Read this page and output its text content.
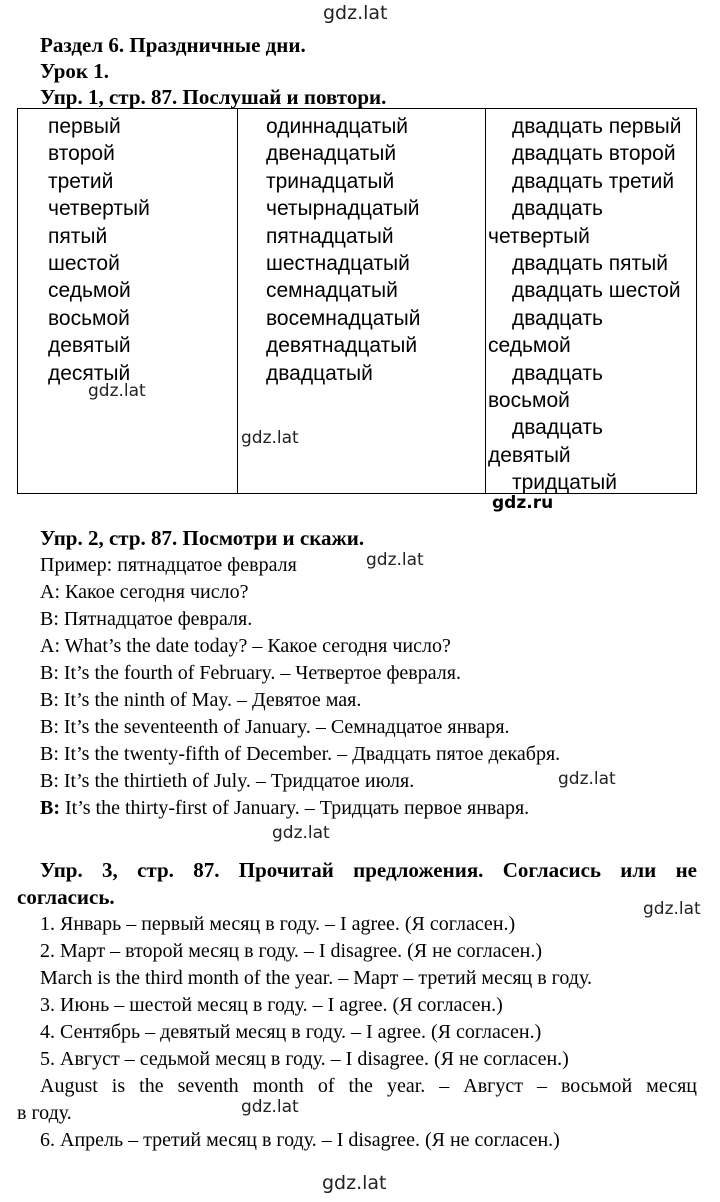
gdz.lat
Раздел 6. Праздничные дни.
Урок 1.
Упр. 1, стр. 87. Послушай и повтори.
первый
второй
третий
четвертый
пятый
шестой
седьмой
восьмой
девятый
десятый
одиннадцатый
двенадцатый
тринадцатый
четырнадцатый
пятнадцатый
шестнадцатый
семнадцатый
восемнадцатый
девятнадцатый
двадцатый
двадцать первый
двадцать второй
двадцать третий
двадцать
четвертый
двадцать пятый
двадцать шестой
двадцать
седьмой
двадцать
восьмой
двадцать
девятый
тридцатый
gdz.lat
gdz.lat
gdz.ru
Упр. 2, стр. 87. Посмотри и скажи.
gdz.lat
Пример: пятнадцатое февраля
A: Какое сегодня число?
B: Пятнадцатое февраля.
A: What’s the date today? – Какое сегодня число?
B: It’s the fourth of February. – Четвертое февраля.
B: It’s the ninth of May. – Девятое мая.
B: It’s the seventeenth of January. – Семнадцатое января.
B: It’s the twenty-fifth of December. – Двадцать пятое декабря.
B: It’s the thirtieth of July. – Тридцатое июля.
B: It’s the thirty-first of January. – Тридцать первое января.
gdz.lat
gdz.lat
Упр. 3, стр. 87. Прочитай предложения. Согласись или не
согласись.
1. Январь – первый месяц в году. – I agree. (Я согласен.)
2. Март – второй месяц в году. – I disagree. (Я не согласен.)
March is the third month of the year. – Март – третий месяц в году.
3. Июнь – шестой месяц в году. – I agree. (Я согласен.)
4. Сентябрь – девятый месяц в году. – I agree. (Я согласен.)
5. Август – седьмой месяц в году. – I disagree. (Я не согласен.)
August is the seventh month of the year. – Август – восьмой месяц
в году.
6. Апрель – третий месяц в году. – I disagree. (Я не согласен.)
gdz.lat
gdz.lat
gdz.lat
